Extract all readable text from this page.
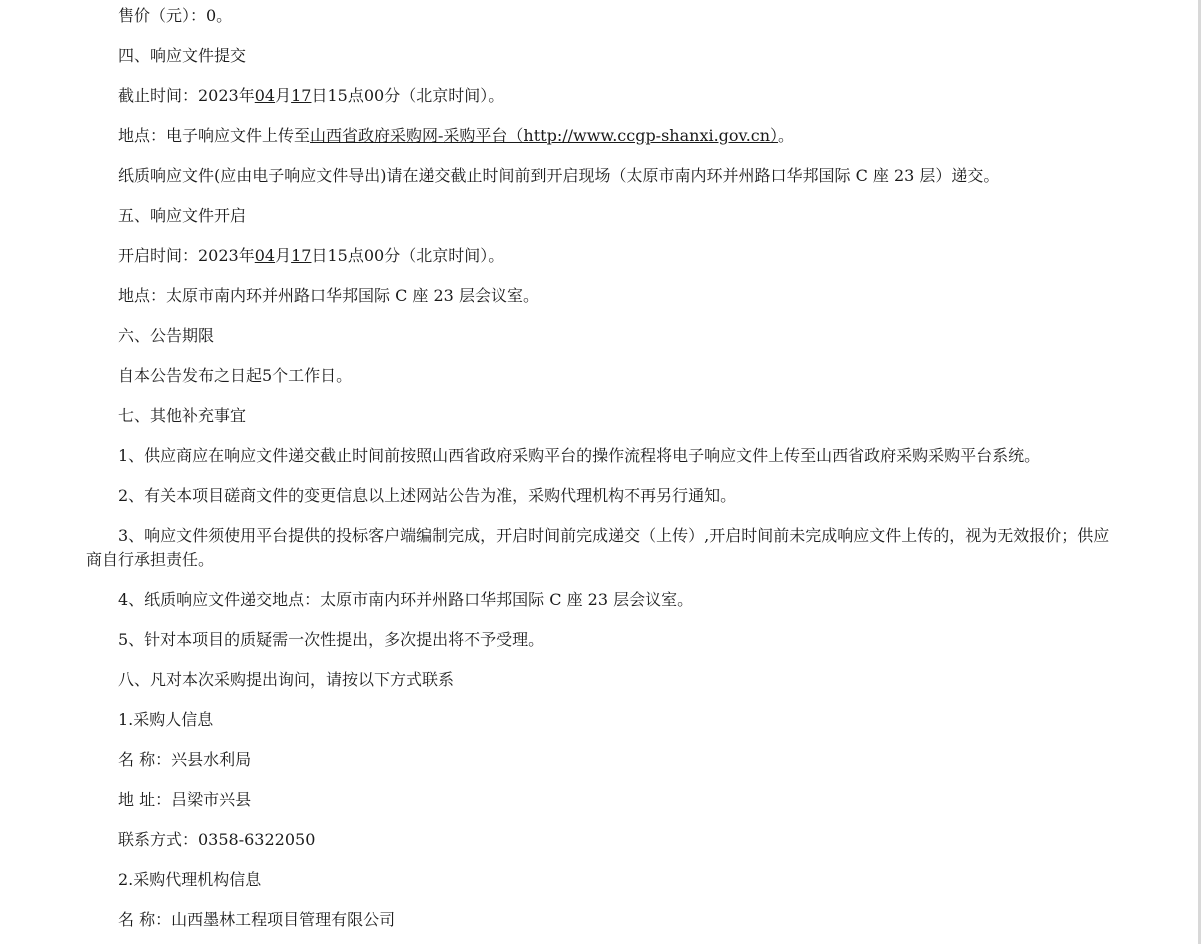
售价（元）：0。
四、响应文件提交
截止时间：2023年04月17日15点00分（北京时间）。
地点：电子响应文件上传至山西省政府采购网-采购平台（http://www.ccgp-shanxi.gov.cn）。
纸质响应文件(应由电子响应文件导出)请在递交截止时间前到开启现场（太原市南内环并州路口华邦国际 C 座 23 层）递交。
五、响应文件开启
开启时间：2023年04月17日15点00分（北京时间）。
地点：太原市南内环并州路口华邦国际 C 座 23 层会议室。
六、公告期限
自本公告发布之日起5个工作日。
七、其他补充事宜
1、供应商应在响应文件递交截止时间前按照山西省政府采购平台的操作流程将电子响应文件上传至山西省政府采购采购平台系统。
2、有关本项目磋商文件的变更信息以上述网站公告为准，采购代理机构不再另行通知。
3、响应文件须使用平台提供的投标客户端编制完成，开启时间前完成递交（上传）,开启时间前未完成响应文件上传的，视为无效报价；供应商自行承担责任。
4、纸质响应文件递交地点：太原市南内环并州路口华邦国际 C 座 23 层会议室。
5、针对本项目的质疑需一次性提出，多次提出将不予受理。
八、凡对本次采购提出询问，请按以下方式联系
1.采购人信息
名 称：兴县水利局
地 址：吕梁市兴县
联系方式：0358-6322050
2.采购代理机构信息
名 称：山西墨林工程项目管理有限公司
